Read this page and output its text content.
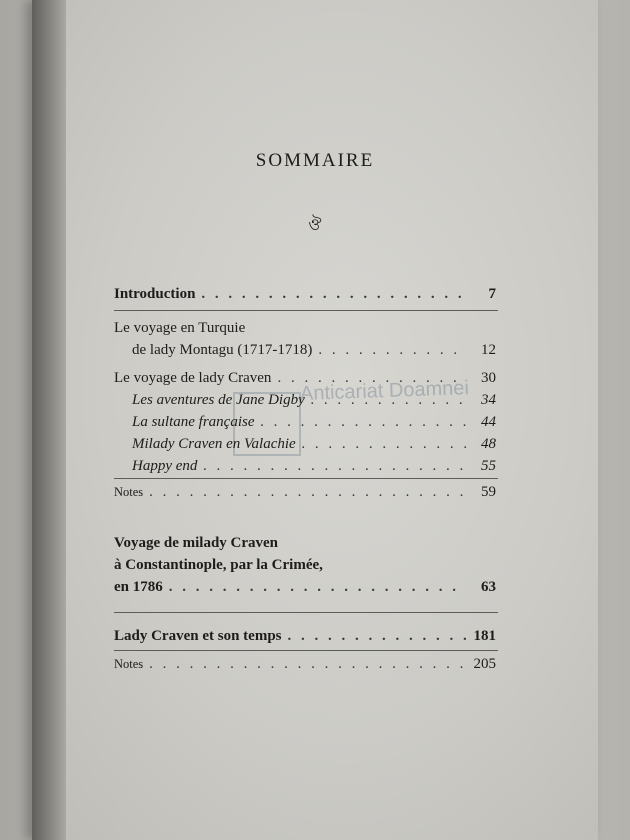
SOMMAIRE
ঔ
Anticariat Doamnei
Introduction . . .	7
Le voyage en Turquie
de lady Montagu (1717-1718) . . .	12
Le voyage de lady Craven . . .	30
Les aventures de Jane Digby . . .	34
La sultane française . . .	44
Milady Craven en Valachie . . .	48
Happy end . . .	55
Notes . . .	59
Voyage de milady Craven
à Constantinople, par la Crimée,
en 1786 . . .	63
Lady Craven et son temps . . .	181
Notes . . .	205
